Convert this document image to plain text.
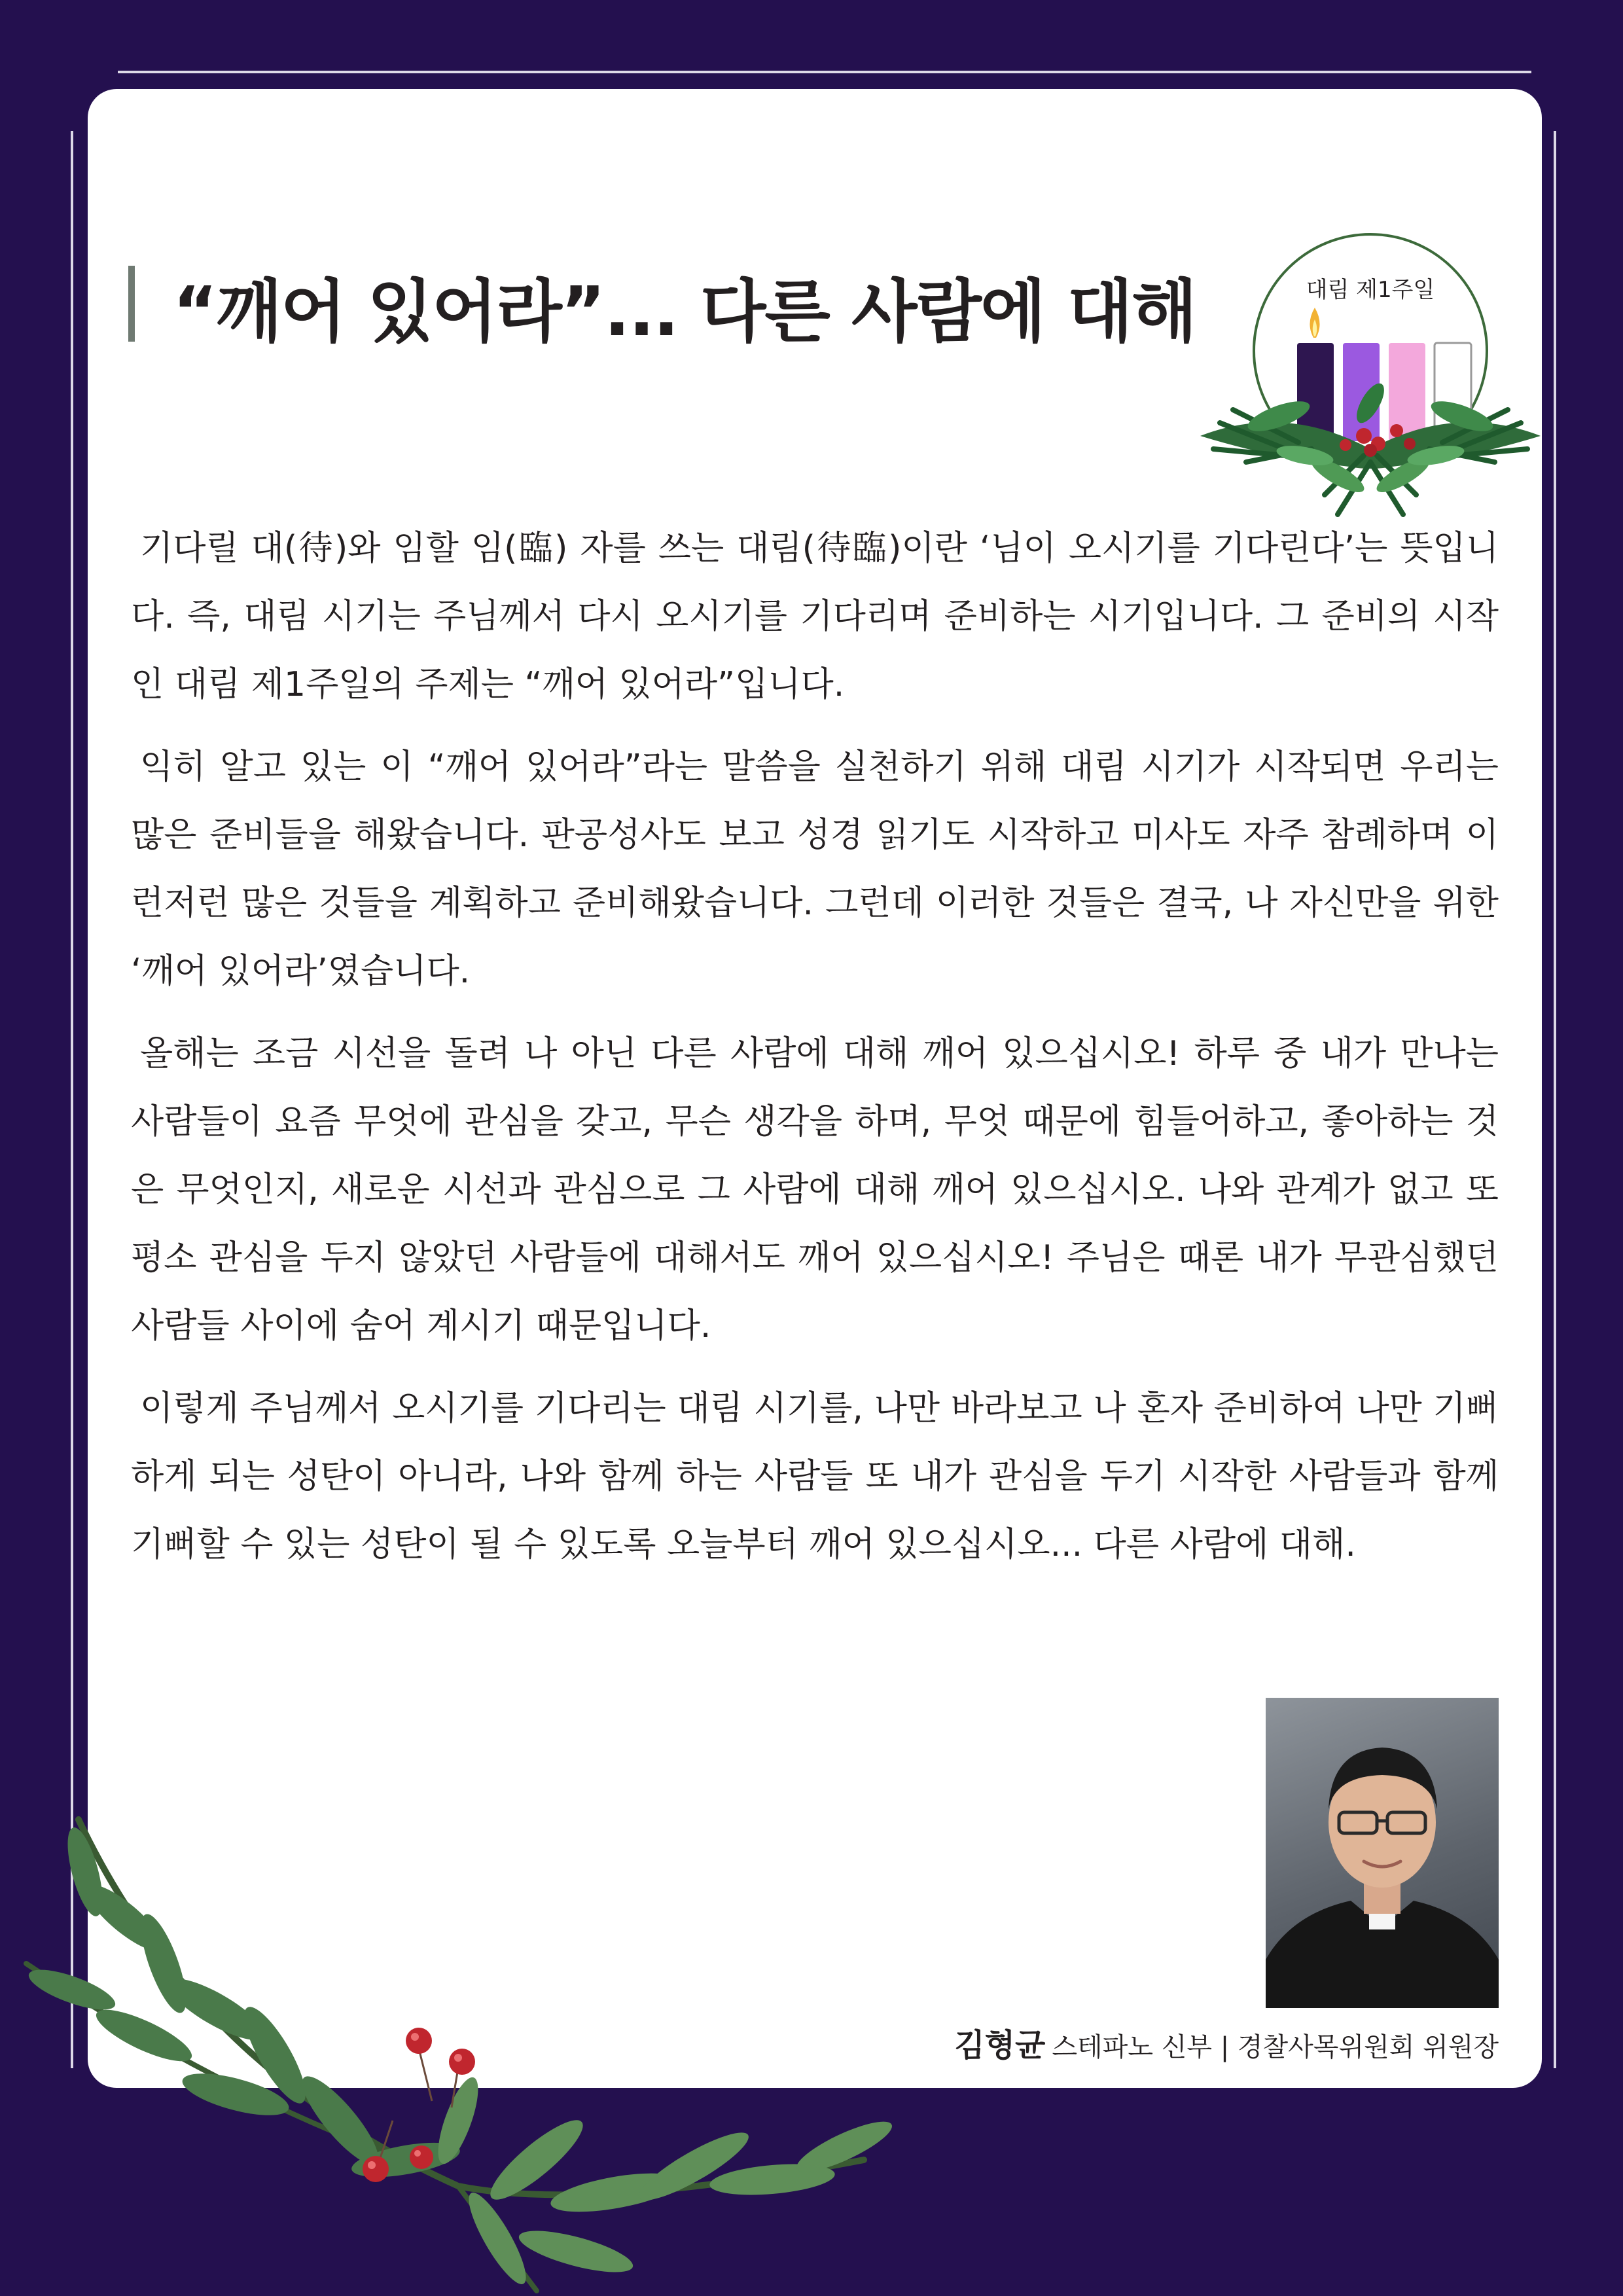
“깨어 있어라”... 다른 사람에 대해	대림 제1주일

기다릴 대(待)와 임할 임(臨) 자를 쓰는 대림(待臨)이란 ‘님이 오시기를 기다린다’는 뜻입니다. 즉, 대림 시기는 주님께서 다시 오시기를 기다리며 준비하는 시기입니다. 그 준비의 시작인 대림 제1주일의 주제는 “깨어 있어라”입니다.

익히 알고 있는 이 “깨어 있어라”라는 말씀을 실천하기 위해 대림 시기가 시작되면 우리는 많은 준비들을 해왔습니다. 판공성사도 보고 성경 읽기도 시작하고 미사도 자주 참례하며 이런저런 많은 것들을 계획하고 준비해왔습니다. 그런데 이러한 것들은 결국, 나 자신만을 위한 ‘깨어 있어라’였습니다.

올해는 조금 시선을 돌려 나 아닌 다른 사람에 대해 깨어 있으십시오! 하루 중 내가 만나는 사람들이 요즘 무엇에 관심을 갖고, 무슨 생각을 하며, 무엇 때문에 힘들어하고, 좋아하는 것은 무엇인지, 새로운 시선과 관심으로 그 사람에 대해 깨어 있으십시오. 나와 관계가 없고 또 평소 관심을 두지 않았던 사람들에 대해서도 깨어 있으십시오! 주님은 때론 내가 무관심했던 사람들 사이에 숨어 계시기 때문입니다.

이렇게 주님께서 오시기를 기다리는 대림 시기를, 나만 바라보고 나 혼자 준비하여 나만 기뻐하게 되는 성탄이 아니라, 나와 함께 하는 사람들 또 내가 관심을 두기 시작한 사람들과 함께 기뻐할 수 있는 성탄이 될 수 있도록 오늘부터 깨어 있으십시오... 다른 사람에 대해.

김형균 스테파노 신부 | 경찰사목위원회 위원장
